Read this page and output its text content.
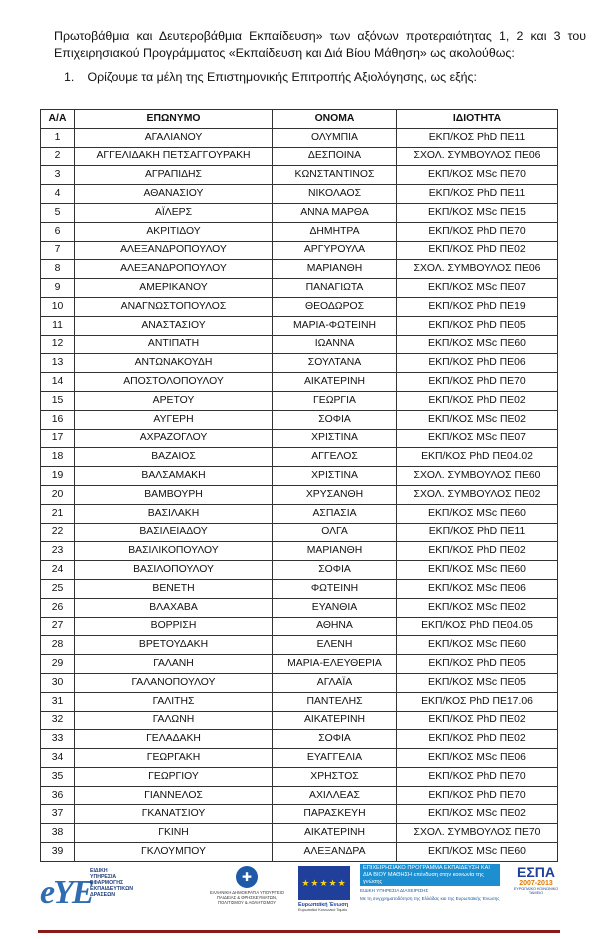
Πρωτοβάθμια και Δευτεροβάθμια Εκπαίδευση» των αξόνων προτεραιότητας 1, 2 και 3 του Επιχειρησιακού Προγράμματος «Εκπαίδευση και Διά Βίου Μάθηση» ως ακολούθως:
1. Ορίζουμε τα μέλη της Επιστημονικής Επιτροπής Αξιολόγησης, ως εξής:
Α/Α	ΕΠΩΝΥΜΟ	ΟΝΟΜΑ	ΙΔΙΟΤΗΤΑ
1	ΑΓΑΛΙΑΝΟΥ	ΟΛΥΜΠΙΑ	ΕΚΠ/ΚΟΣ PhD ΠΕ11
2	ΑΓΓΕΛΙΔΑΚΗ ΠΕΤΣΑΓΓΟΥΡΑΚΗ	ΔΕΣΠΟΙΝΑ	ΣΧΟΛ. ΣΥΜΒΟΥΛΟΣ ΠΕ06
3	ΑΓΡΑΠΙΔΗΣ	ΚΩΝΣΤΑΝΤΙΝΟΣ	ΕΚΠ/ΚΟΣ MSc ΠΕ70
4	ΑΘΑΝΑΣΙΟΥ	ΝΙΚΟΛΑΟΣ	ΕΚΠ/ΚΟΣ PhD ΠΕ11
5	ΑΪΛΕΡΣ	ΑΝΝΑ ΜΑΡΘΑ	ΕΚΠ/ΚΟΣ MSc ΠΕ15
6	ΑΚΡΙΤΙΔΟΥ	ΔΗΜΗΤΡΑ	ΕΚΠ/ΚΟΣ PhD ΠΕ70
7	ΑΛΕΞΑΝΔΡΟΠΟΥΛΟΥ	ΑΡΓΥΡΟΥΛΑ	ΕΚΠ/ΚΟΣ PhD ΠΕ02
8	ΑΛΕΞΑΝΔΡΟΠΟΥΛΟΥ	ΜΑΡΙΑΝΘΗ	ΣΧΟΛ. ΣΥΜΒΟΥΛΟΣ ΠΕ06
9	ΑΜΕΡΙΚΑΝΟΥ	ΠΑΝΑΓΙΩΤΑ	ΕΚΠ/ΚΟΣ MSc ΠΕ07
10	ΑΝΑΓΝΩΣΤΟΠΟΥΛΟΣ	ΘΕΟΔΩΡΟΣ	ΕΚΠ/ΚΟΣ PhD ΠΕ19
11	ΑΝΑΣΤΑΣΙΟΥ	ΜΑΡΙΑ-ΦΩΤΕΙΝΗ	ΕΚΠ/ΚΟΣ PhD ΠΕ05
12	ΑΝΤΙΠΑΤΗ	ΙΩΑΝΝΑ	ΕΚΠ/ΚΟΣ MSc ΠΕ60
13	ΑΝΤΩΝΑΚΟΥΔΗ	ΣΟΥΛΤΑΝΑ	ΕΚΠ/ΚΟΣ PhD ΠΕ06
14	ΑΠΟΣΤΟΛΟΠΟΥΛΟΥ	ΑΙΚΑΤΕΡΙΝΗ	ΕΚΠ/ΚΟΣ PhD ΠΕ70
15	ΑΡΕΤΟΥ	ΓΕΩΡΓΙΑ	ΕΚΠ/ΚΟΣ PhD ΠΕ02
16	ΑΥΓΕΡΗ	ΣΟΦΙΑ	ΕΚΠ/ΚΟΣ MSc ΠΕ02
17	ΑΧΡΑΖΟΓΛΟΥ	ΧΡΙΣΤΙΝΑ	ΕΚΠ/ΚΟΣ MSc ΠΕ07
18	ΒΑΖΑΙΟΣ	ΑΓΓΕΛΟΣ	ΕΚΠ/ΚΟΣ PhD ΠΕ04.02
19	ΒΑΛΣΑΜΑΚΗ	ΧΡΙΣΤΙΝΑ	ΣΧΟΛ. ΣΥΜΒΟΥΛΟΣ ΠΕ60
20	ΒΑΜΒΟΥΡΗ	ΧΡΥΣΑΝΘΗ	ΣΧΟΛ. ΣΥΜΒΟΥΛΟΣ ΠΕ02
21	ΒΑΣΙΛΑΚΗ	ΑΣΠΑΣΙΑ	ΕΚΠ/ΚΟΣ MSc ΠΕ60
22	ΒΑΣΙΛΕΙΑΔΟΥ	ΟΛΓΑ	ΕΚΠ/ΚΟΣ PhD ΠΕ11
23	ΒΑΣΙΛΙΚΟΠΟΥΛΟΥ	ΜΑΡΙΑΝΘΗ	ΕΚΠ/ΚΟΣ PhD ΠΕ02
24	ΒΑΣΙΛΟΠΟΥΛΟΥ	ΣΟΦΙΑ	ΕΚΠ/ΚΟΣ MSc ΠΕ60
25	ΒΕΝΕΤΗ	ΦΩΤΕΙΝΗ	ΕΚΠ/ΚΟΣ MSc ΠΕ06
26	ΒΛΑΧΑΒΑ	ΕΥΑΝΘΙΑ	ΕΚΠ/ΚΟΣ MSc ΠΕ02
27	ΒΟΡΡΙΣΗ	ΑΘΗΝΑ	ΕΚΠ/ΚΟΣ PhD ΠΕ04.05
28	ΒΡΕΤΟΥΔΑΚΗ	ΕΛΕΝΗ	ΕΚΠ/ΚΟΣ MSc ΠΕ60
29	ΓΑΛΑΝΗ	ΜΑΡΙΑ-ΕΛΕΥΘΕΡΙΑ	ΕΚΠ/ΚΟΣ PhD ΠΕ05
30	ΓΑΛΑΝΟΠΟΥΛΟΥ	ΑΓΛΑΪΑ	ΕΚΠ/ΚΟΣ MSc ΠΕ05
31	ΓΑΛΙΤΗΣ	ΠΑΝΤΕΛΗΣ	ΕΚΠ/ΚΟΣ PhD ΠΕ17.06
32	ΓΑΛΩΝΗ	ΑΙΚΑΤΕΡΙΝΗ	ΕΚΠ/ΚΟΣ PhD ΠΕ02
33	ΓΕΛΑΔΑΚΗ	ΣΟΦΙΑ	ΕΚΠ/ΚΟΣ PhD ΠΕ02
34	ΓΕΩΡΓΑΚΗ	ΕΥΑΓΓΕΛΙΑ	ΕΚΠ/ΚΟΣ MSc ΠΕ06
35	ΓΕΩΡΓΙΟΥ	ΧΡΗΣΤΟΣ	ΕΚΠ/ΚΟΣ PhD ΠΕ70
36	ΓΙΑΝΝΕΛΟΣ	ΑΧΙΛΛΕΑΣ	ΕΚΠ/ΚΟΣ PhD ΠΕ70
37	ΓΚΑΝΑΤΣΙΟΥ	ΠΑΡΑΣΚΕΥΗ	ΕΚΠ/ΚΟΣ MSc ΠΕ02
38	ΓΚΙΝΗ	ΑΙΚΑΤΕΡΙΝΗ	ΣΧΟΛ. ΣΥΜΒΟΥΛΟΣ ΠΕ70
39	ΓΚΛΟΥΜΠΟΥ	ΑΛΕΞΑΝΔΡΑ	ΕΚΠ/ΚΟΣ MSc ΠΕ60
eYE
ΕΙΔΙΚΗ
ΥΠΗΡΕΣΙΑ
ΕΦΑΡΜΟΓΗΣ
ΕΚΠΑΙΔΕΥΤΙΚΩΝ
ΔΡΑΣΕΩΝ
✚
ΕΛΛΗΝΙΚΗ ΔΗΜΟΚΡΑΤΙΑ ΥΠΟΥΡΓΕΙΟ ΠΑΙΔΕΙΑΣ & ΘΡΗΣΚΕΥΜΑΤΩΝ, ΠΟΛΙΤΙΣΜΟΥ & ΑΘΛΗΤΙΣΜΟΥ
★★★★★
Ευρωπαϊκή Ένωση
Ευρωπαϊκό Κοινωνικό Ταμείο
ΕΠΙΧΕΙΡΗΣΙΑΚΟ ΠΡΟΓΡΑΜΜΑ ΕΚΠΑΙΔΕΥΣΗ ΚΑΙ ΔΙΑ ΒΙΟΥ ΜΑΘΗΣΗ επένδυση στην κοινωνία της γνώσης
ΕΙΔΙΚΗ ΥΠΗΡΕΣΙΑ ΔΙΑΧΕΙΡΙΣΗΣ
Με τη συγχρηματοδότηση της Ελλάδας και της Ευρωπαϊκής Ένωσης
ΕΣΠΑ
2007-2013
ΕΥΡΩΠΑΪΚΟ ΚΟΙΝΩΝΙΚΟ ΤΑΜΕΙΟ
